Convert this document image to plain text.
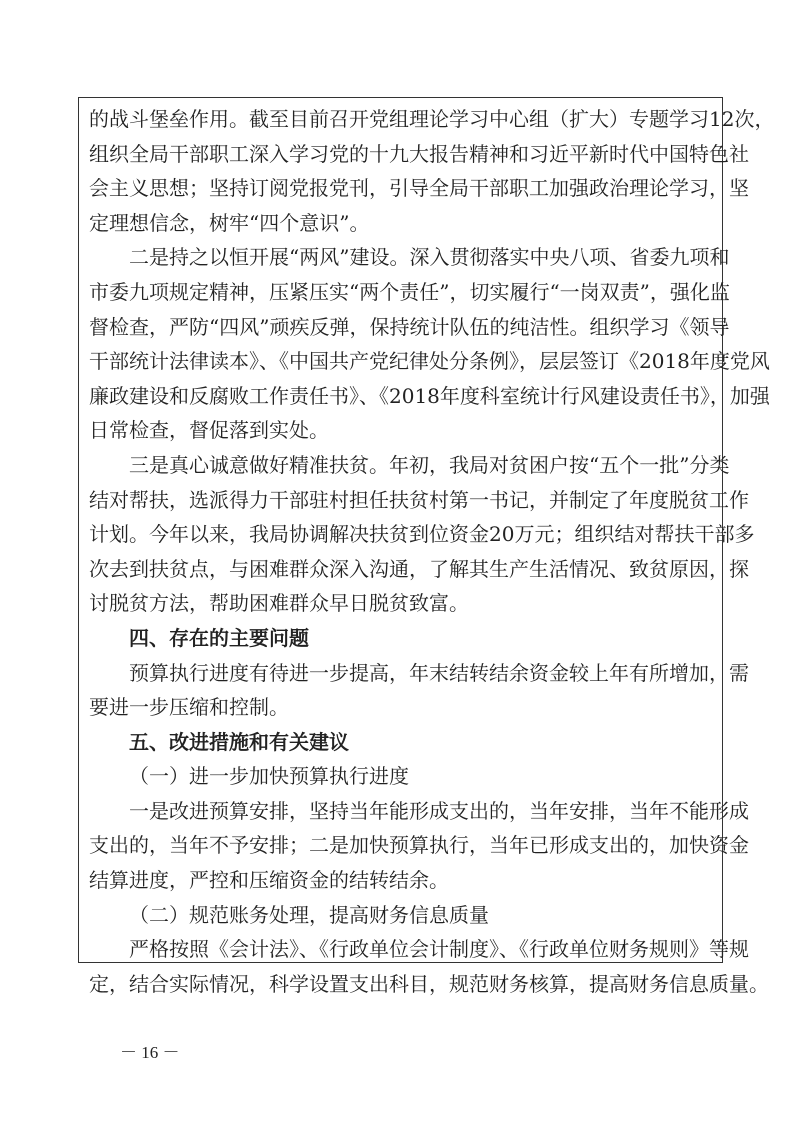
的战斗堡垒作用。截至目前召开党组理论学习中心组（扩大）专题学习12次，
组织全局干部职工深入学习党的十九大报告精神和习近平新时代中国特色社
会主义思想；坚持订阅党报党刊，引导全局干部职工加强政治理论学习，坚
定理想信念，树牢“四个意识”。
二是持之以恒开展“两风”建设。深入贯彻落实中央八项、省委九项和
市委九项规定精神，压紧压实“两个责任”，切实履行“一岗双责”，强化监
督检查，严防“四风”顽疾反弹，保持统计队伍的纯洁性。组织学习《领导
干部统计法律读本》、《中国共产党纪律处分条例》，层层签订《2018年度党风
廉政建设和反腐败工作责任书》、《2018年度科室统计行风建设责任书》，加强
日常检查，督促落到实处。
三是真心诚意做好精准扶贫。年初，我局对贫困户按“五个一批”分类
结对帮扶，选派得力干部驻村担任扶贫村第一书记，并制定了年度脱贫工作
计划。今年以来，我局协调解决扶贫到位资金20万元；组织结对帮扶干部多
次去到扶贫点，与困难群众深入沟通，了解其生产生活情况、致贫原因，探
讨脱贫方法，帮助困难群众早日脱贫致富。
四、存在的主要问题
预算执行进度有待进一步提高，年末结转结余资金较上年有所增加，需
要进一步压缩和控制。
五、改进措施和有关建议
（一）进一步加快预算执行进度
一是改进预算安排，坚持当年能形成支出的，当年安排，当年不能形成
支出的，当年不予安排；二是加快预算执行，当年已形成支出的，加快资金
结算进度，严控和压缩资金的结转结余。
（二）规范账务处理，提高财务信息质量
严格按照《会计法》、《行政单位会计制度》、《行政单位财务规则》等规
定，结合实际情况，科学设置支出科目，规范财务核算，提高财务信息质量。
－ 16 －
